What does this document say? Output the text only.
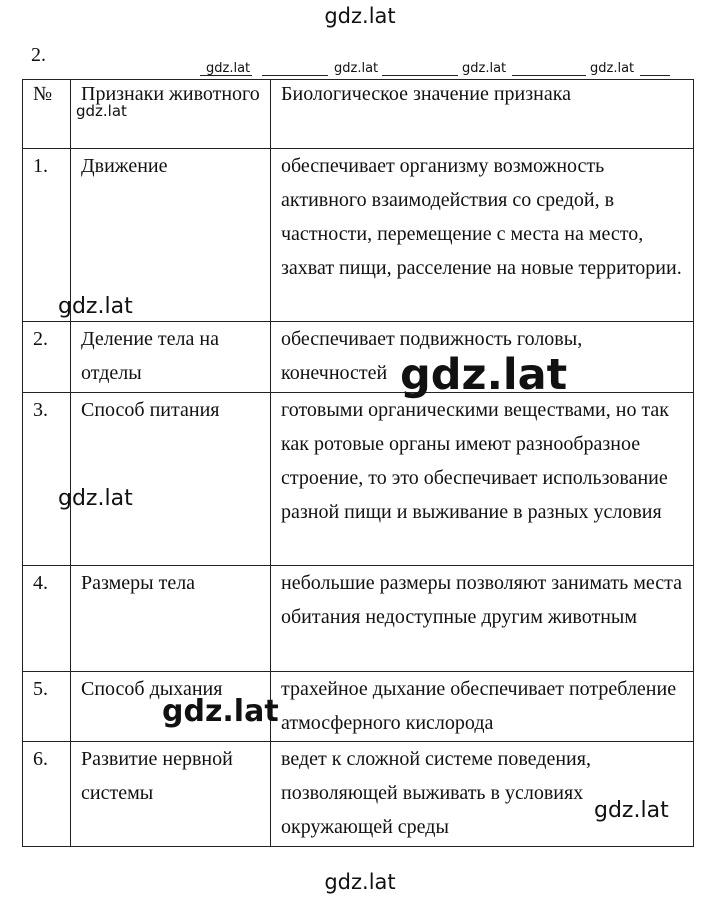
gdz.lat
2.
gdz.lat	gdz.lat	gdz.lat	gdz.lat
№	Признаки животного	Биологическое значение признака
1.	Движение	обеспечивает организму возможность активного взаимодействия со средой, в частности, перемещение с места на место, захват пищи, расселение на новые территории.
2.	Деление тела на отделы	обеспечивает подвижность головы, конечностей
3.	Способ питания	готовыми органическими веществами, но так как ротовые органы имеют разнообразное строение, то это обеспечивает использование разной пищи и выживание в разных условия
4.	Размеры тела	небольшие размеры позволяют занимать места обитания недоступные другим животным
5.	Способ дыхания	трахейное дыхание обеспечивает потребление атмосферного кислорода
6.	Развитие нервной системы	ведет к сложной системе поведения, позволяющей выживать в условиях окружающей среды
gdz.lat
gdz.lat
gdz.lat
gdz.lat
gdz.lat
gdz.lat
gdz.lat
